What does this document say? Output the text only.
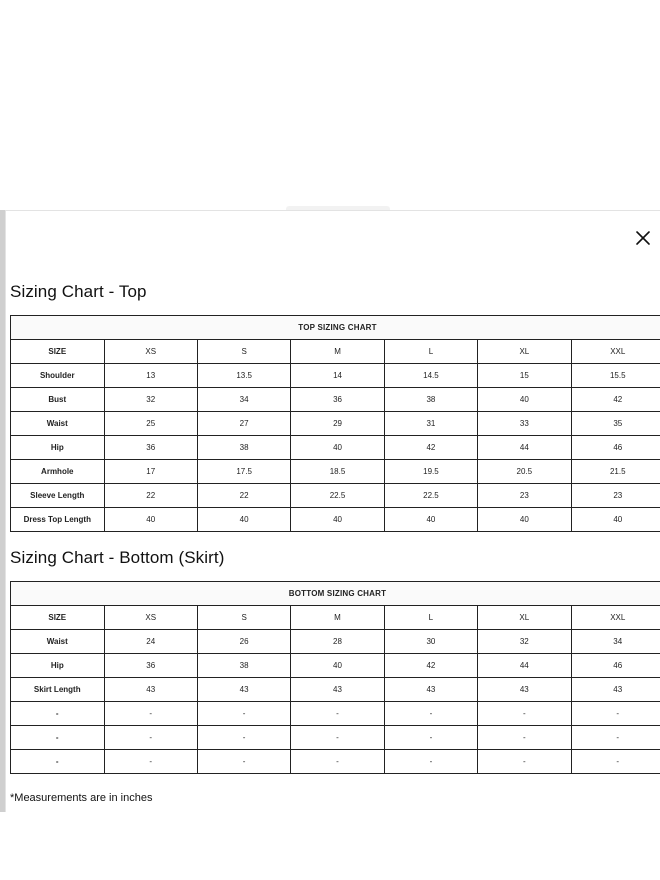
Sizing Chart - Top
TOP SIZING CHART						
SIZE	XS	S	M	L	XL	XXL
Shoulder	13	13.5	14	14.5	15	15.5
Bust	32	34	36	38	40	42
Waist	25	27	29	31	33	35
Hip	36	38	40	42	44	46
Armhole	17	17.5	18.5	19.5	20.5	21.5
Sleeve Length	22	22	22.5	22.5	23	23
Dress Top Length	40	40	40	40	40	40
Sizing Chart - Bottom (Skirt)
BOTTOM SIZING CHART						
SIZE	XS	S	M	L	XL	XXL
Waist	24	26	28	30	32	34
Hip	36	38	40	42	44	46
Skirt Length	43	43	43	43	43	43
-	-	-	-	-	-	-
-	-	-	-	-	-	-
-	-	-	-	-	-	-
*Measurements are in inches
